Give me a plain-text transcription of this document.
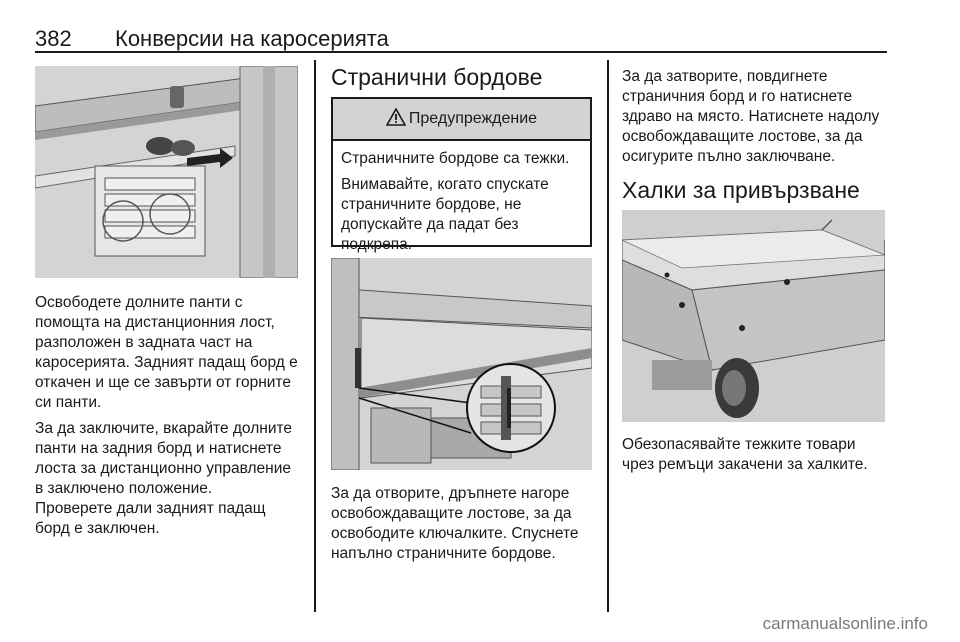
382 Конверсии на каросерията

Освободете долните панти с помощта на дистанционния лост, разположен в задната част на каросерията. Задният падащ борд е откачен и ще се завърти от горните си панти.

За да заключите, вкарайте долните панти на задния борд и натиснете лоста за дистанционно управление в заключено положение.

Проверете дали задният падащ борд е заключен.

Странични бордове
Предупреждение

Страничните бордове са тежки.

Внимавайте, когато спускате страничните бордове, не допускайте да падат без подкрепа.

За да отворите, дръпнете нагоре освобождаващите лостове, за да освободите ключалките. Спуснете напълно страничните бордове.

За да затворите, повдигнете страничния борд и го натиснете здраво на място. Натиснете надолу освобождаващите лостове, за да осигурите пълно заключване.

Халки за привързване

Обезопасявайте тежките товари чрез ремъци закачени за халките.

carmanualsonline.info
